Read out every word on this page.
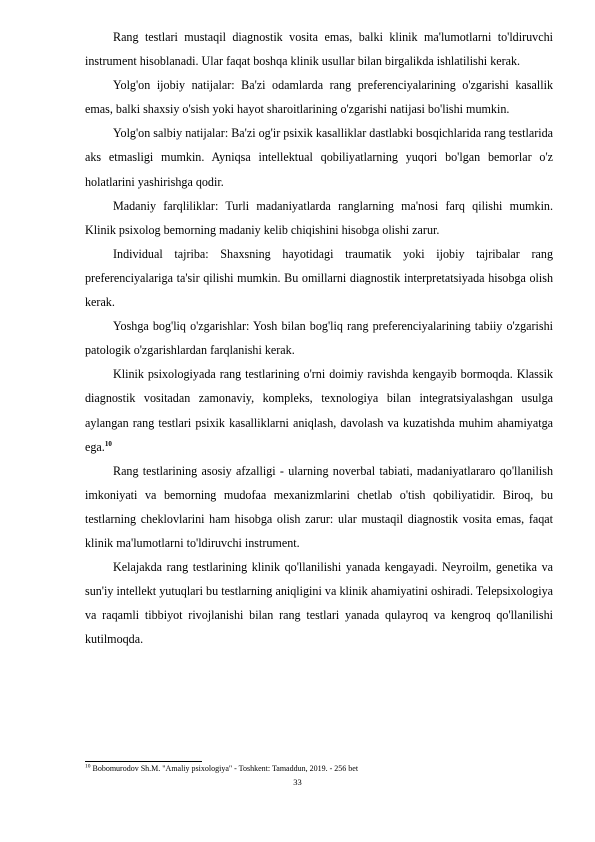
Rang testlari mustaqil diagnostik vosita emas, balki klinik ma'lumotlarni to'ldiruvchi instrument hisoblanadi. Ular faqat boshqa klinik usullar bilan birgalikda ishlatilishi kerak.

Yolg'on ijobiy natijalar: Ba'zi odamlarda rang preferenciyalarining o'zgarishi kasallik emas, balki shaxsiy o'sish yoki hayot sharoitlarining o'zgarishi natijasi bo'lishi mumkin.

Yolg'on salbiy natijalar: Ba'zi og'ir psixik kasalliklar dastlabki bosqichlarida rang testlarida aks etmasligi mumkin. Ayniqsa intellektual qobiliyatlarning yuqori bo'lgan bemorlar o'z holatlarini yashirishga qodir.

Madaniy farqliliklar: Turli madaniyatlarda ranglarning ma'nosi farq qilishi mumkin. Klinik psixolog bemorning madaniy kelib chiqishini hisobga olishi zarur.

Individual tajriba: Shaxsning hayotidagi traumatik yoki ijobiy tajribalar rang preferenciyalariga ta'sir qilishi mumkin. Bu omillarni diagnostik interpretatsiyada hisobga olish kerak.

Yoshga bog'liq o'zgarishlar: Yosh bilan bog'liq rang preferenciyalarining tabiiy o'zgarishi patologik o'zgarishlardan farqlanishi kerak.

Klinik psixologiyada rang testlarining o'rni doimiy ravishda kengayib bormoqda. Klassik diagnostik vositadan zamonaviy, kompleks, texnologiya bilan integratsiyalashgan usulga aylangan rang testlari psixik kasalliklarni aniqlash, davolash va kuzatishda muhim ahamiyatga ega.$^{10}$

Rang testlarining asosiy afzalligi - ularning noverbal tabiati, madaniyatlararo qo'llanilish imkoniyati va bemorning mudofaa mexanizmlarini chetlab o'tish qobiliyatidir. Biroq, bu testlarning cheklovlarini ham hisobga olish zarur: ular mustaqil diagnostik vosita emas, faqat klinik ma'lumotlarni to'ldiruvchi instrument.

Kelajakda rang testlarining klinik qo'llanilishi yanada kengayadi. Neyroilm, genetika va sun'iy intellekt yutuqlari bu testlarning aniqligini va klinik ahamiyatini oshiradi. Telepsixologiya va raqamli tibbiyot rivojlanishi bilan rang testlari yanada qulayroq va kengroq qo'llanilishi kutilmoqda.

$^{10}$ Bobomurodov Sh.M. "Amaliy psixologiya" - Toshkent: Tamaddun, 2019. - 256 bet
33
